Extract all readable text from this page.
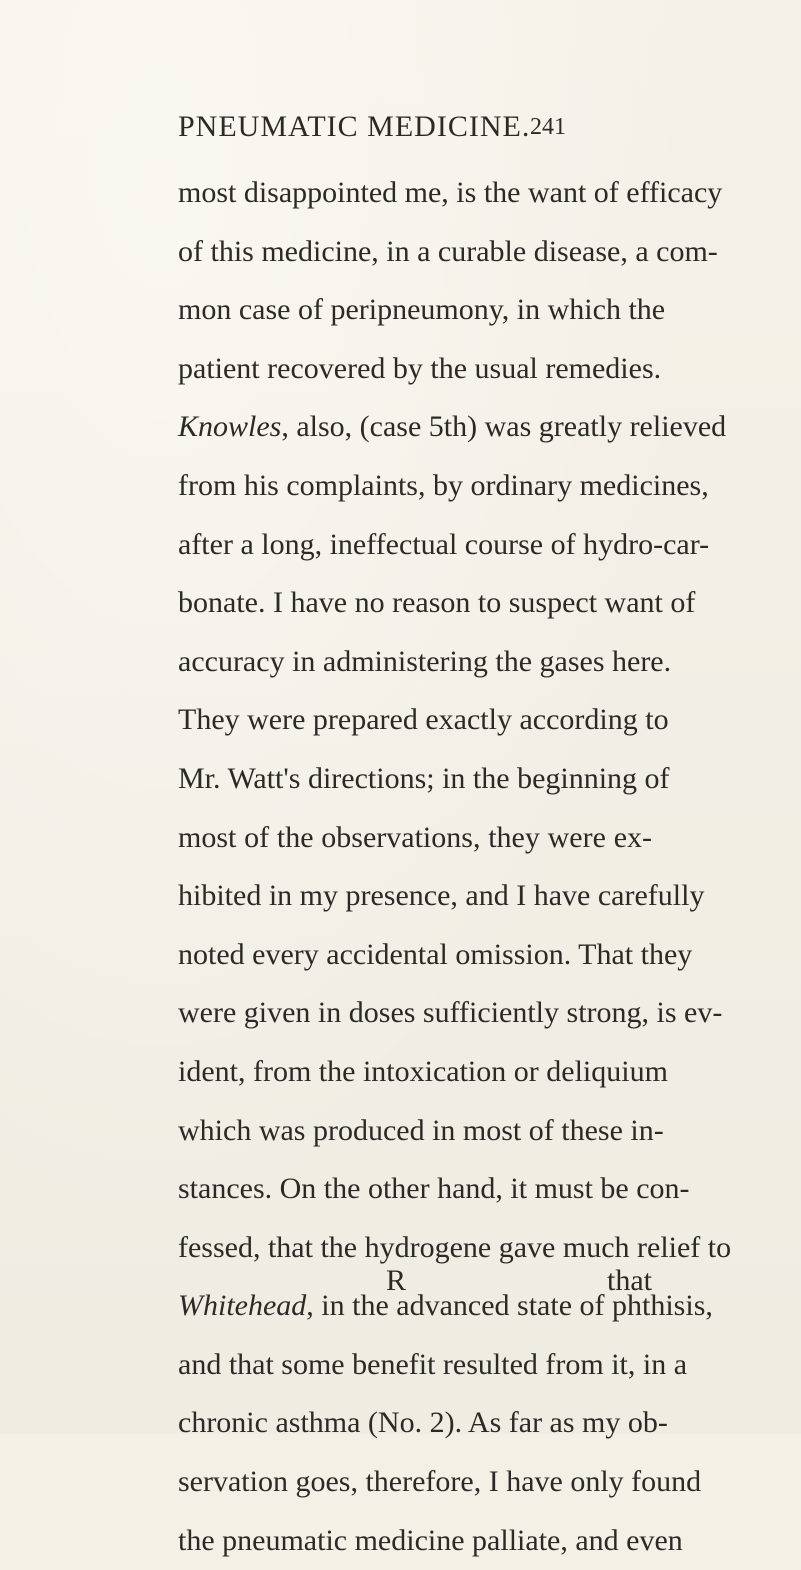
PNEUMATIC MEDICINE. 241
most disappointed me, is the want of efficacy
of this medicine, in a curable disease, a com-
mon case of peripneumony, in which the
patient recovered by the usual remedies.
Knowles, also, (case 5th) was greatly relieved
from his complaints, by ordinary medicines,
after a long, ineffectual course of hydro-car-
bonate. I have no reason to suspect want of
accuracy in administering the gases here.
They were prepared exactly according to
Mr. Watt's directions; in the beginning of
most of the observations, they were ex-
hibited in my presence, and I have carefully
noted every accidental omission. That they
were given in doses sufficiently strong, is ev-
ident, from the intoxication or deliquium
which was produced in most of these in-
stances. On the other hand, it must be con-
fessed, that the hydrogene gave much relief to
Whitehead, in the advanced state of phthisis,
and that some benefit resulted from it, in a
chronic asthma (No. 2). As far as my ob-
servation goes, therefore, I have only found
the pneumatic medicine palliate, and even
R	that
